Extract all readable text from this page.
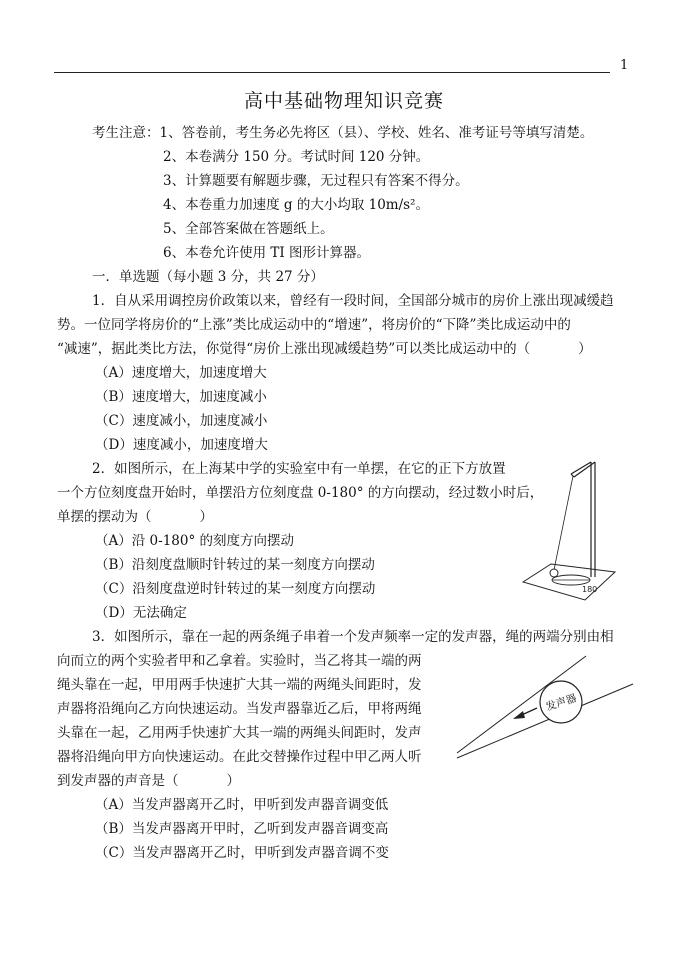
1
高中基础物理知识竞赛
考生注意：1、答卷前，考生务必先将区（县）、学校、姓名、准考证号等填写清楚。
2、本卷满分 150 分。考试时间 120 分钟。
3、计算题要有解题步骤，无过程只有答案不得分。
4、本卷重力加速度 g 的大小均取 10m/s²。
5、全部答案做在答题纸上。
6、本卷允许使用 TI 图形计算器。
一．单选题（每小题 3 分，共 27 分）
1．自从采用调控房价政策以来，曾经有一段时间，全国部分城市的房价上涨出现减缓趋
势。一位同学将房价的“上涨”类比成运动中的“增速”，将房价的“下降”类比成运动中的
“减速”，据此类比方法，你觉得“房价上涨出现减缓趋势”可以类比成运动中的（	）
（A）速度增大，加速度增大
（B）速度增大，加速度减小
（C）速度减小，加速度减小
（D）速度减小，加速度增大
2．如图所示，在上海某中学的实验室中有一单摆，在它的正下方放置
一个方位刻度盘开始时，单摆沿方位刻度盘 0-180° 的方向摆动，经过数小时后，
单摆的摆动为（	）
（A）沿 0-180° 的刻度方向摆动
（B）沿刻度盘顺时针转过的某一刻度方向摆动
（C）沿刻度盘逆时针转过的某一刻度方向摆动
（D）无法确定
180
3．如图所示，靠在一起的两条绳子串着一个发声频率一定的发声器，绳的两端分别由相
向而立的两个实验者甲和乙拿着。实验时，当乙将其一端的两
绳头靠在一起，甲用两手快速扩大其一端的两绳头间距时，发
声器将沿绳向乙方向快速运动。当发声器靠近乙后，甲将两绳
头靠在一起，乙用两手快速扩大其一端的两绳头间距时，发声
器将沿绳向甲方向快速运动。在此交替操作过程中甲乙两人听
到发声器的声音是（	）
（A）当发声器离开乙时，甲听到发声器音调变低
（B）当发声器离开甲时，乙听到发声器音调变高
（C）当发声器离开乙时，甲听到发声器音调不变
发声器
